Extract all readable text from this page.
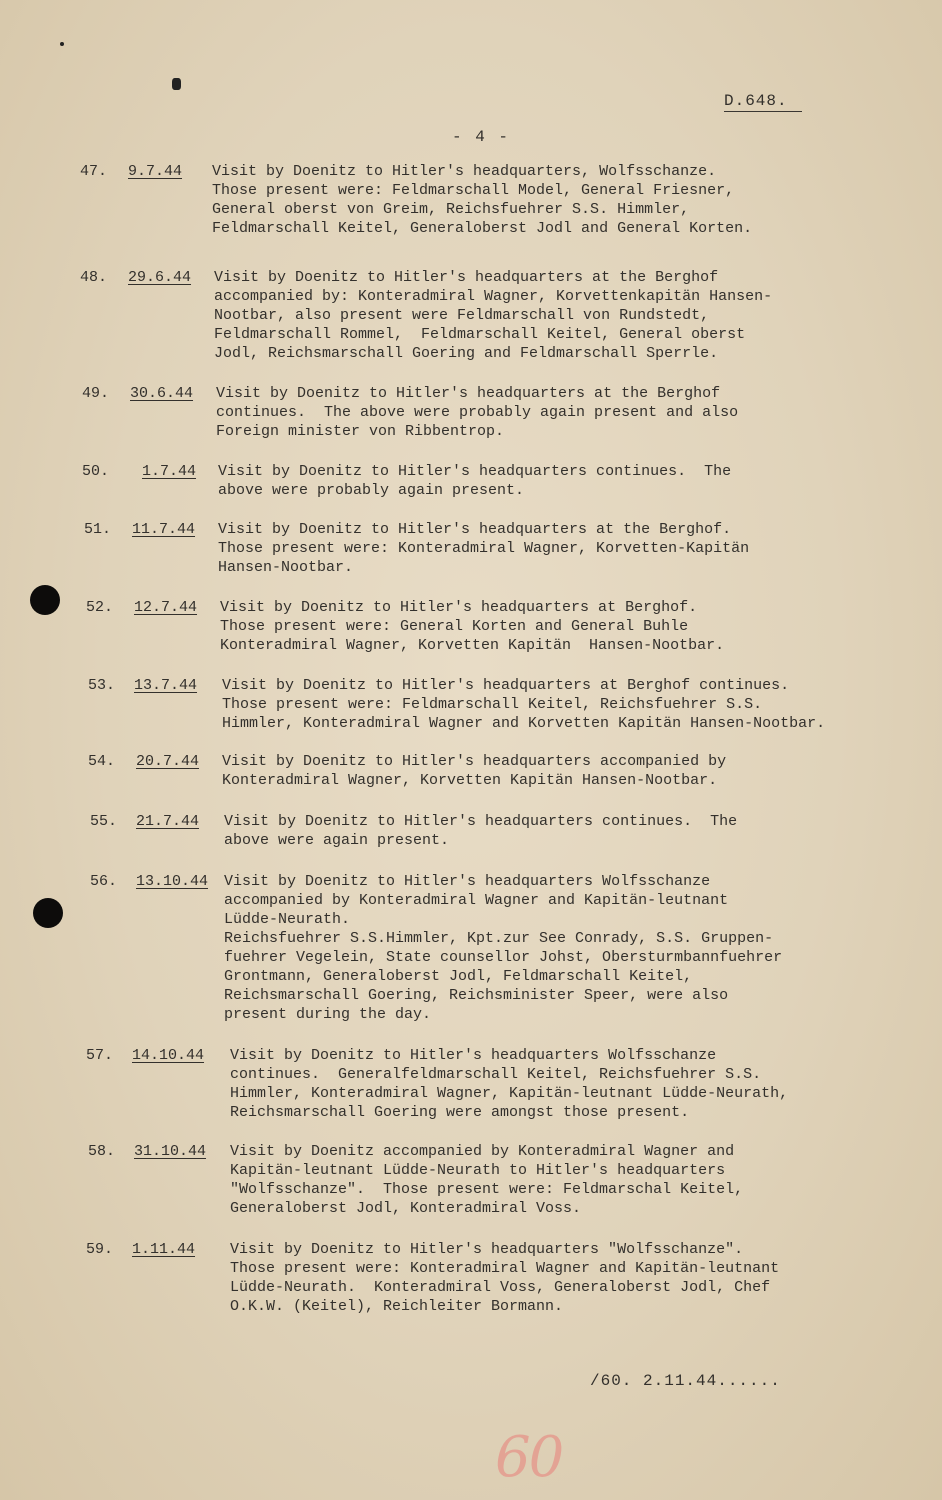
D.648.
- 4 -
47. 9.7.44 Visit by Doenitz to Hitler's headquarters, Wolfsschanze.
Those present were: Feldmarschall Model, General Friesner,
General oberst von Greim, Reichsfuehrer S.S. Himmler,
Feldmarschall Keitel, Generaloberst Jodl and General Korten.
48. 29.6.44 Visit by Doenitz to Hitler's headquarters at the Berghof
accompanied by: Konteradmiral Wagner, Korvettenkapitän Hansen-
Nootbar, also present were Feldmarschall von Rundstedt,
Feldmarschall Rommel,  Feldmarschall Keitel, General oberst
Jodl, Reichsmarschall Goering and Feldmarschall Sperrle.
49. 30.6.44 Visit by Doenitz to Hitler's headquarters at the Berghof
continues.  The above were probably again present and also
Foreign minister von Ribbentrop.
50. 1.7.44 Visit by Doenitz to Hitler's headquarters continues.  The
above were probably again present.
51. 11.7.44 Visit by Doenitz to Hitler's headquarters at the Berghof.
Those present were: Konteradmiral Wagner, Korvetten-Kapitän
Hansen-Nootbar.
52. 12.7.44 Visit by Doenitz to Hitler's headquarters at Berghof.
Those present were: General Korten and General Buhle
Konteradmiral Wagner, Korvetten Kapitän  Hansen-Nootbar.
53. 13.7.44 Visit by Doenitz to Hitler's headquarters at Berghof continues.
Those present were: Feldmarschall Keitel, Reichsfuehrer S.S.
Himmler, Konteradmiral Wagner and Korvetten Kapitän Hansen-Nootbar.
54. 20.7.44 Visit by Doenitz to Hitler's headquarters accompanied by
Konteradmiral Wagner, Korvetten Kapitän Hansen-Nootbar.
55. 21.7.44 Visit by Doenitz to Hitler's headquarters continues.  The
above were again present.
56. 13.10.44 Visit by Doenitz to Hitler's headquarters Wolfsschanze
accompanied by Konteradmiral Wagner and Kapitän-leutnant
Lüdde-Neurath.
Reichsfuehrer S.S.Himmler, Kpt.zur See Conrady, S.S. Gruppen-
fuehrer Vegelein, State counsellor Johst, Obersturmbannfuehrer
Grontmann, Generaloberst Jodl, Feldmarschall Keitel,
Reichsmarschall Goering, Reichsminister Speer, were also
present during the day.
57. 14.10.44 Visit by Doenitz to Hitler's headquarters Wolfsschanze
continues.  Generalfeldmarschall Keitel, Reichsfuehrer S.S.
Himmler, Konteradmiral Wagner, Kapitän-leutnant Lüdde-Neurath,
Reichsmarschall Goering were amongst those present.
58. 31.10.44 Visit by Doenitz accompanied by Konteradmiral Wagner and
Kapitän-leutnant Lüdde-Neurath to Hitler's headquarters
"Wolfsschanze".  Those present were: Feldmarschal Keitel,
Generaloberst Jodl, Konteradmiral Voss.
59. 1.11.44 Visit by Doenitz to Hitler's headquarters "Wolfsschanze".
Those present were: Konteradmiral Wagner and Kapitän-leutnant
Lüdde-Neurath.  Konteradmiral Voss, Generaloberst Jodl, Chef
O.K.W. (Keitel), Reichleiter Bormann.
/60. 2.11.44......
60
